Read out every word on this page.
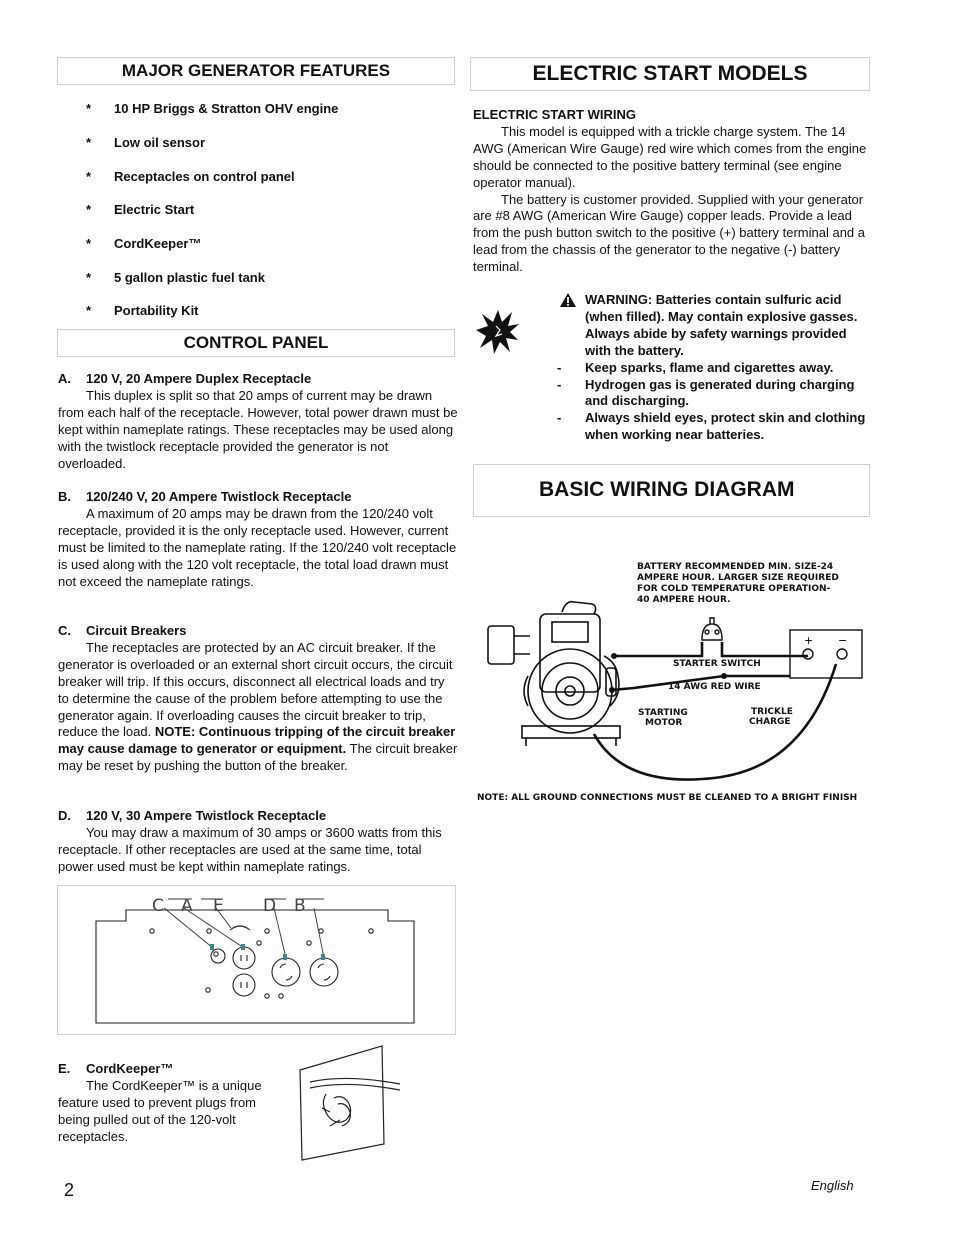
MAJOR GENERATOR FEATURES
* 10 HP Briggs & Stratton OHV engine
* Low oil sensor
* Receptacles on control panel
* Electric Start
* CordKeeper™
* 5 gallon plastic fuel tank
* Portability Kit
CONTROL PANEL
A. 120 V, 20 Ampere Duplex Receptacle

This duplex is split so that 20 amps of current may be drawn from each half of the receptacle. However, total power drawn must be kept within nameplate ratings. These receptacles may be used along with the twistlock receptacle provided the generator is not overloaded.

B. 120/240 V, 20 Ampere Twistlock Receptacle

A maximum of 20 amps may be drawn from the 120/240 volt receptacle, provided it is the only receptacle used. However, current must be limited to the nameplate rating. If the 120/240 volt receptacle is used along with the 120 volt receptacle, the total load drawn must not exceed the nameplate ratings.

C. Circuit Breakers

The receptacles are protected by an AC circuit breaker. If the generator is overloaded or an external short circuit occurs, the circuit breaker will trip. If this occurs, disconnect all electrical loads and try to determine the cause of the problem before attempting to use the generator again. If overloading causes the circuit breaker to trip, reduce the load. NOTE: Continuous tripping of the circuit breaker may cause damage to generator or equipment. The circuit breaker may be reset by pushing the button of the breaker.

D. 120 V, 30 Ampere Twistlock Receptacle

You may draw a maximum of 30 amps or 3600 watts from this receptacle. If other receptacles are used at the same time, total power used must be kept within nameplate ratings.

C A E D B
E. CordKeeper™

The CordKeeper™ is a unique feature used to prevent plugs from being pulled out of the 120-volt receptacles.

ELECTRIC START MODELS
ELECTRIC START WIRING

This model is equipped with a trickle charge system. The 14 AWG (American Wire Gauge) red wire which comes from the engine should be connected to the positive battery terminal (see engine operator manual).

The battery is customer provided. Supplied with your generator are #8 AWG (American Wire Gauge) copper leads. Provide a lead from the push button switch to the positive (+) battery terminal and a lead from the chassis of the generator to the negative (-) battery terminal.

WARNING: Batteries contain sulfuric acid (when filled). May contain explosive gasses. Always abide by safety warnings provided with the battery.
- Keep sparks, flame and cigarettes away.
- Hydrogen gas is generated during charging and discharging.
- Always shield eyes, protect skin and clothing when working near batteries.
BASIC WIRING DIAGRAM
BATTERY RECOMMENDED MIN. SIZE-24
AMPERE HOUR. LARGER SIZE REQUIRED
FOR COLD TEMPERATURE OPERATION-
40 AMPERE HOUR.
+ −
STARTER SWITCH
14 AWG RED WIRE
STARTING
MOTOR
TRICKLE
CHARGE
NOTE: ALL GROUND CONNECTIONS MUST BE CLEANED TO A BRIGHT FINISH
2	English
